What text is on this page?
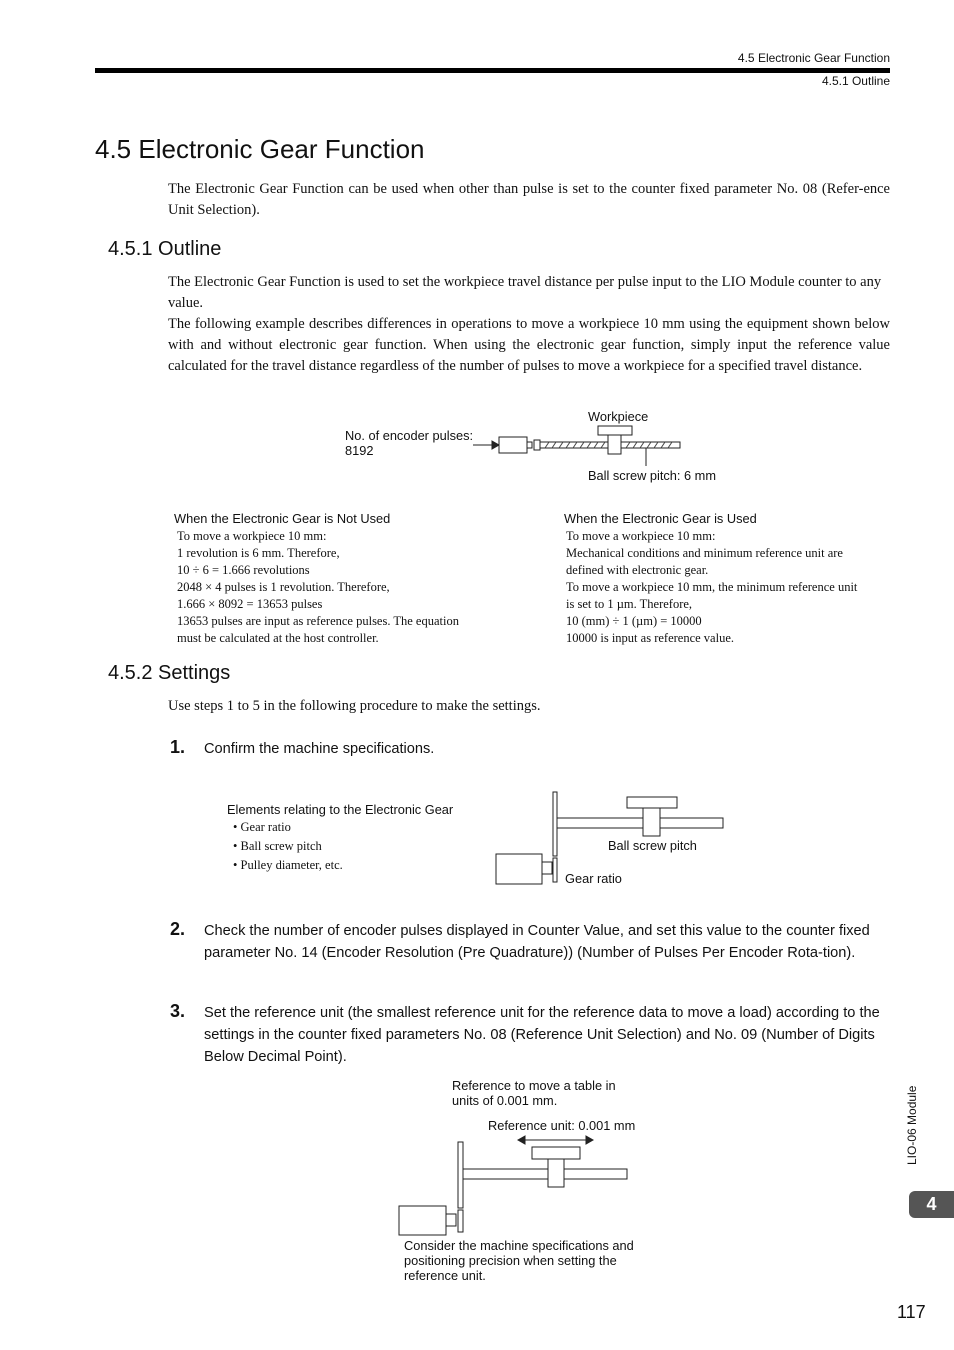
4.5 Electronic Gear Function
4.5.1 Outline
4.5 Electronic Gear Function
The Electronic Gear Function can be used when other than pulse is set to the counter fixed parameter No. 08 (Refer-ence Unit Selection).
4.5.1 Outline
The Electronic Gear Function is used to set the workpiece travel distance per pulse input to the LIO Module counter to any value.
The following example describes differences in operations to move a workpiece 10 mm using the equipment shown below with and without electronic gear function. When using the electronic gear function, simply input the reference value calculated for the travel distance regardless of the number of pulses to move a workpiece for a specified travel distance.
Workpiece
No. of encoder pulses:
8192
Ball screw pitch: 6 mm
When the Electronic Gear is Not Used
To move a workpiece 10 mm:
1 revolution is 6 mm. Therefore,
10 ÷ 6 = 1.666 revolutions
2048 × 4 pulses is 1 revolution. Therefore,
1.666 × 8092 = 13653 pulses
13653 pulses are input as reference pulses. The equation
must be calculated at the host controller.
When the Electronic Gear is Used
To move a workpiece 10 mm:
Mechanical conditions and minimum reference unit are
defined with electronic gear.
To move a workpiece 10 mm, the minimum reference unit
is set to 1 µm. Therefore,
10 (mm) ÷ 1 (µm) = 10000
10000 is input as reference value.
4.5.2 Settings
Use steps 1 to 5 in the following procedure to make the settings.
1. Confirm the machine specifications.
Elements relating to the Electronic Gear
• Gear ratio
• Ball screw pitch
• Pulley diameter, etc.
Ball screw pitch
Gear ratio
2. Check the number of encoder pulses displayed in Counter Value, and set this value to the counter fixed parameter No. 14 (Encoder Resolution (Pre Quadrature)) (Number of Pulses Per Encoder Rota-tion).
3. Set the reference unit (the smallest reference unit for the reference data to move a load) according to the settings in the counter fixed parameters No. 08 (Reference Unit Selection) and No. 09 (Number of Digits Below Decimal Point).
Reference to move a table in
units of 0.001 mm.
Reference unit: 0.001 mm
Consider the machine specifications and
positioning precision when setting the
reference unit.
LIO-06 Module
4
117
